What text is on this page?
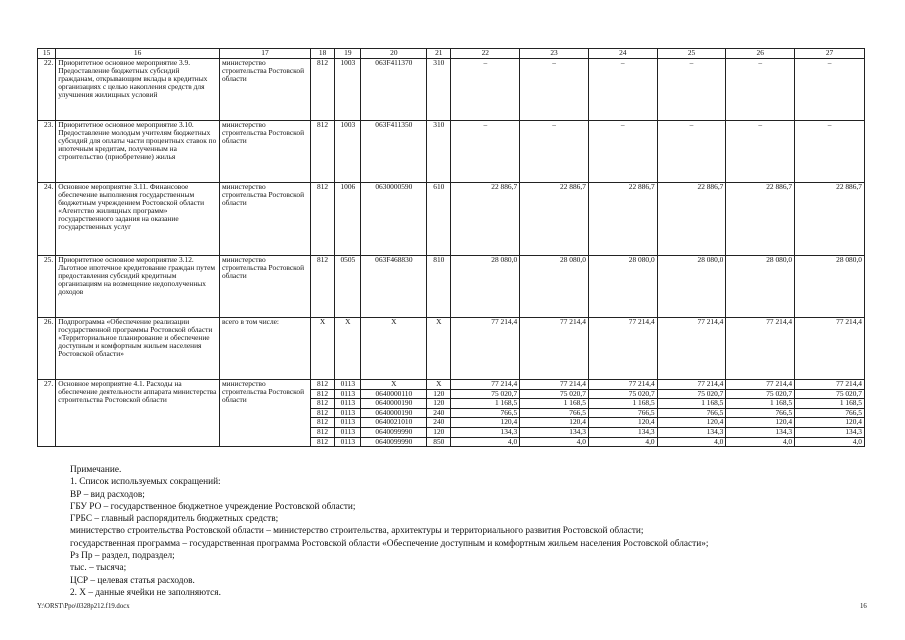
15	16	17	18	19	20	21	22	23	24	25	26	27
22.	Приоритетное основное мероприятие 3.9. Предоставление бюджетных субсидий гражданам, открывающим вклады в кредитных организациях с целью накопления средств для улучшения жилищных условий	министерство строительства Ростовской области	812	1003	063F411370	310	–	–	–	–	–	–
23.	Приоритетное основное мероприятие 3.10. Предоставление молодым учителям бюджетных субсидий для оплаты части процентных ставок по ипотечным кредитам, полученным на строительство (приобретение) жилья	министерство строительства Ростовской области	812	1003	063F411350	310	–	–	–	–	–	–
24.	Основное мероприятие 3.11. Финансовое обеспечение выполнения государственным бюджетным учреждением Ростовской области «Агентство жилищных программ» государственного задания на оказание государственных услуг	министерство строительства Ростовской области	812	1006	0630000590	610	22 886,7	22 886,7	22 886,7	22 886,7	22 886,7	22 886,7
25.	Приоритетное основное мероприятие 3.12. Льготное ипотечное кредитование граждан путем предоставления субсидий кредитным организациям на возмещение недополученных доходов	министерство строительства Ростовской области	812	0505	063F468830	810	28 080,0	28 080,0	28 080,0	28 080,0	28 080,0	28 080,0
26.	Подпрограмма «Обеспечение реализации государственной программы Ростовской области «Территориальное планирование и обеспечение доступным и комфортным жильем населения Ростовской области»	всего в том числе:	X	X	X	X	77 214,4	77 214,4	77 214,4	77 214,4	77 214,4	77 214,4
27.	Основное мероприятие 4.1. Расходы на обеспечение деятельности аппарата министерства строительства Ростовской области	министерство строительства Ростовской области	812	0113	X	X	77 214,4	77 214,4	77 214,4	77 214,4	77 214,4	77 214,4
			812	0113	0640000110	120	75 020,7	75 020,7	75 020,7	75 020,7	75 020,7	75 020,7
			812	0113	0640000190	120	1 168,5	1 168,5	1 168,5	1 168,5	1 168,5	1 168,5
			812	0113	0640000190	240	766,5	766,5	766,5	766,5	766,5	766,5
			812	0113	0640021010	240	120,4	120,4	120,4	120,4	120,4	120,4
			812	0113	0640099990	120	134,3	134,3	134,3	134,3	134,3	134,3
			812	0113	0640099990	850	4,0	4,0	4,0	4,0	4,0	4,0
Примечание.
1. Список используемых сокращений:
ВР – вид расходов;
ГБУ РО – государственное бюджетное учреждение Ростовской области;
ГРБС – главный распорядитель бюджетных средств;
министерство строительства Ростовской области – министерство строительства, архитектуры и территориального развития Ростовской области;
государственная программа – государственная программа Ростовской области «Обеспечение доступным и комфортным жильем населения Ростовской области»;
Рз Пр – раздел, подраздел;
тыс. – тысяча;
ЦСР – целевая статья расходов.
2. X – данные ячейки не заполняются.
Y:\ORST\Ppo\0328p212.f19.docx	16
